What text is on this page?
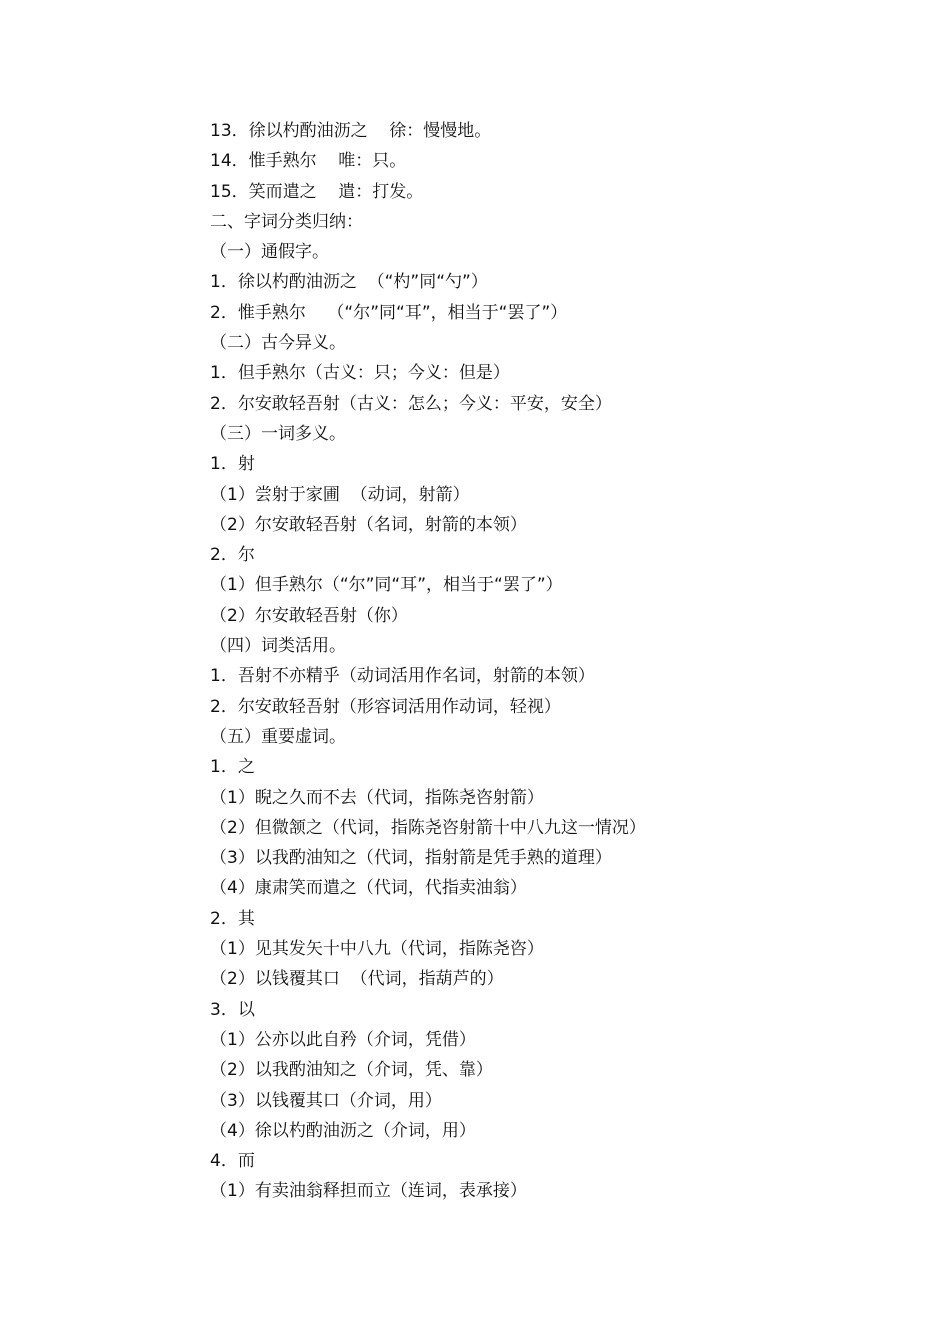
13．徐以杓酌油沥之    徐：慢慢地。
14．惟手熟尔    唯：只。
15．笑而遣之    遣：打发。
二、字词分类归纳：
（一）通假字。
1．徐以杓酌油沥之  （“杓”同“勺”）
2．惟手熟尔    （“尔”同“耳”，相当于“罢了”）
（二）古今异义。
1．但手熟尔（古义：只；今义：但是）
2．尔安敢轻吾射（古义：怎么；今义：平安，安全）
（三）一词多义。
1．射
（1）尝射于家圃  （动词，射箭）
（2）尔安敢轻吾射（名词，射箭的本领）
2．尔
（1）但手熟尔（“尔”同“耳”，相当于“罢了”）
（2）尔安敢轻吾射（你）
（四）词类活用。
1．吾射不亦精乎（动词活用作名词，射箭的本领）
2．尔安敢轻吾射（形容词活用作动词，轻视）
（五）重要虚词。
1．之
（1）睨之久而不去（代词，指陈尧咨射箭）
（2）但微颔之（代词，指陈尧咨射箭十中八九这一情况）
（3）以我酌油知之（代词，指射箭是凭手熟的道理）
（4）康肃笑而遣之（代词，代指卖油翁）
2．其
（1）见其发矢十中八九（代词，指陈尧咨）
（2）以钱覆其口  （代词，指葫芦的）
3．以
（1）公亦以此自矜（介词，凭借）
（2）以我酌油知之（介词，凭、靠）
（3）以钱覆其口（介词，用）
（4）徐以杓酌油沥之（介词，用）
4．而
（1）有卖油翁释担而立（连词，表承接）
